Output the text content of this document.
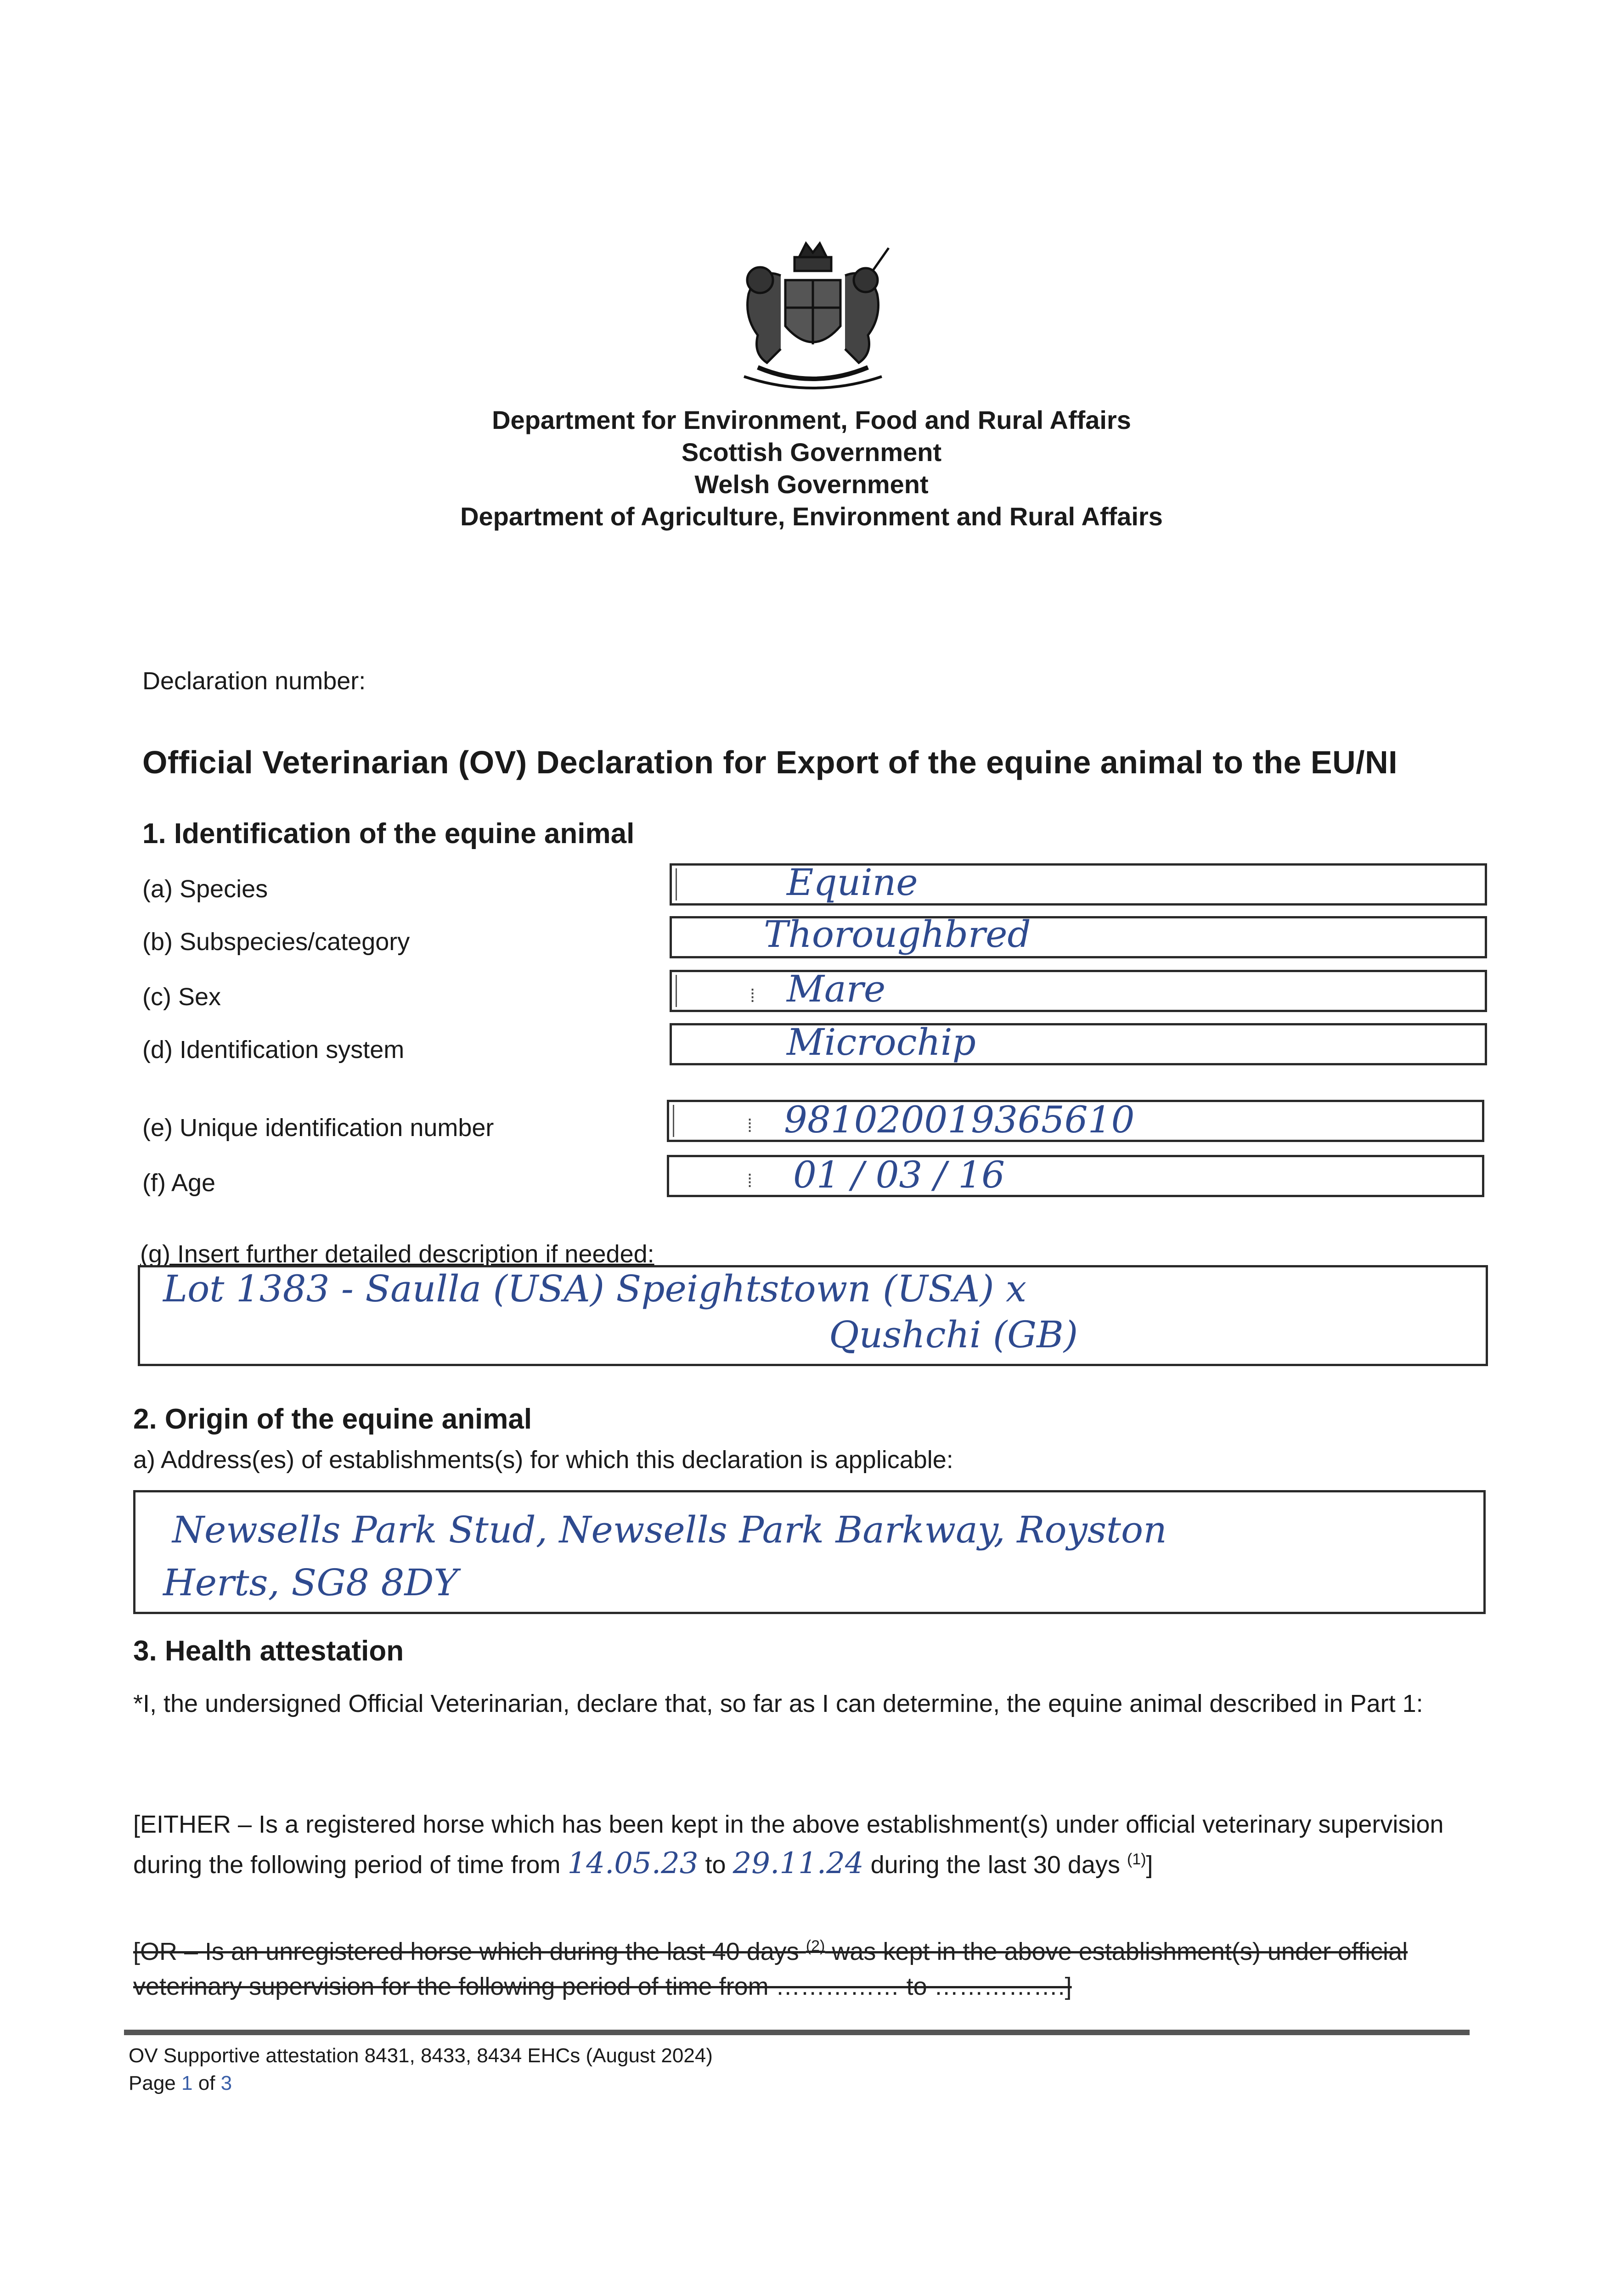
Department for Environment, Food and Rural Affairs
Scottish Government
Welsh Government
Department of Agriculture, Environment and Rural Affairs
Declaration number:
Official Veterinarian (OV) Declaration for Export of the equine animal to the EU/NI
1. Identification of the equine animal
(a) Species	Equine
(b) Subspecies/category	Thoroughbred
(c) Sex	⁞ Mare
(d) Identification system	Microchip
(e) Unique identification number	⁞ 981020019365610
(f) Age	⁞ 01 / 03 / 16
(g) Insert further detailed description if needed:
Lot 1383 - Saulla (USA) Speightstown (USA) x
Qushchi (GB)
2. Origin of the equine animal
a) Address(es) of establishments(s) for which this declaration is applicable:
Newsells Park Stud, Newsells Park Barkway, Royston
Herts, SG8 8DY
3. Health attestation
*I, the undersigned Official Veterinarian, declare that, so far as I can determine, the equine animal described in Part 1:
[EITHER – Is a registered horse which has been kept in the above establishment(s) under official veterinary supervision during the following period of time from 14.05.23 to 29.11.24 during the last 30 days $^{(1)}$]
[OR – Is an unregistered horse which during the last 40 days $^{(2)}$ was kept in the above establishment(s) under official veterinary supervision for the following period of time from …………… to …………….]
OV Supportive attestation 8431, 8433, 8434 EHCs (August 2024)
Page 1 of 3
